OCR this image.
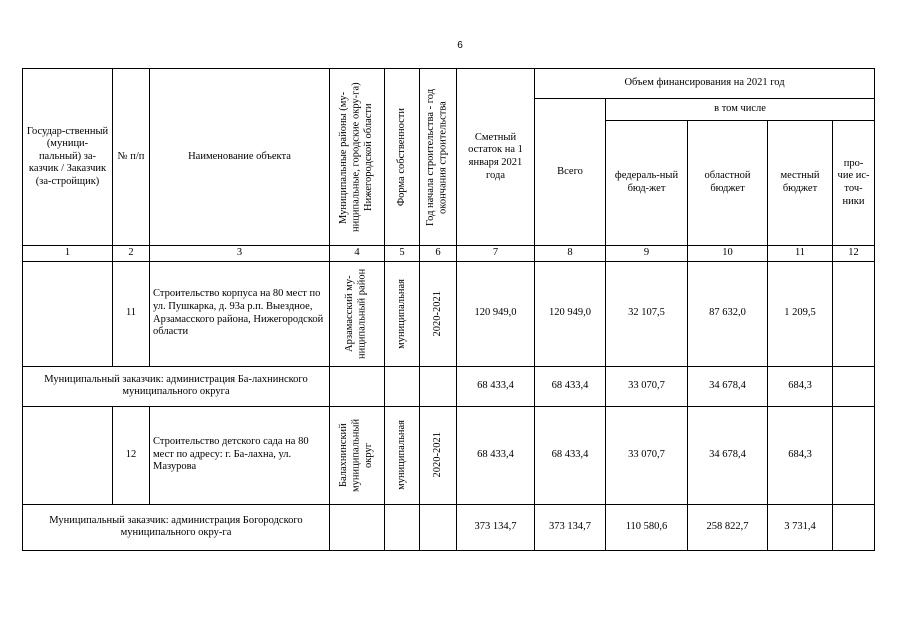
6
Государ-ственный (муници-пальный) за-казчик / Заказчик (за-стройщик)	№ п/п	Наименование объекта	Муниципальные районы (му-ниципальные, городские окру-га) Нижегородской области	Форма собственности	Год начала строительства - год окончания строительства	Сметный остаток на 1 января 2021 года	Объем финансирования на 2021 год				
							Всего	в том числе			
								федераль-ный бюд-жет	областной бюджет	местный бюджет	про-чие ис-точ-ники
1	2	3	4	5	6	7	8	9	10	11	12
	11	Строительство корпуса на 80 мест по ул. Пушкарка, д. 93а р.п. Выездное, Арзамасского района, Нижегородской области	Арзамасский му-ниципальный район	муниципальная	2020-2021	120 949,0	120 949,0	32 107,5	87 632,0	1 209,5	
Муниципальный заказчик: администрация Ба-лахнинского муниципального округа						68 433,4	68 433,4	33 070,7	34 678,4	684,3	
	12	Строительство детского сада на 80 мест по адресу: г. Ба-лахна, ул. Мазурова	Балахнинский муниципальный округ	муниципальная	2020-2021	68 433,4	68 433,4	33 070,7	34 678,4	684,3	
Муниципальный заказчик: администрация Богородского муниципального окру-га						373 134,7	373 134,7	110 580,6	258 822,7	3 731,4	
